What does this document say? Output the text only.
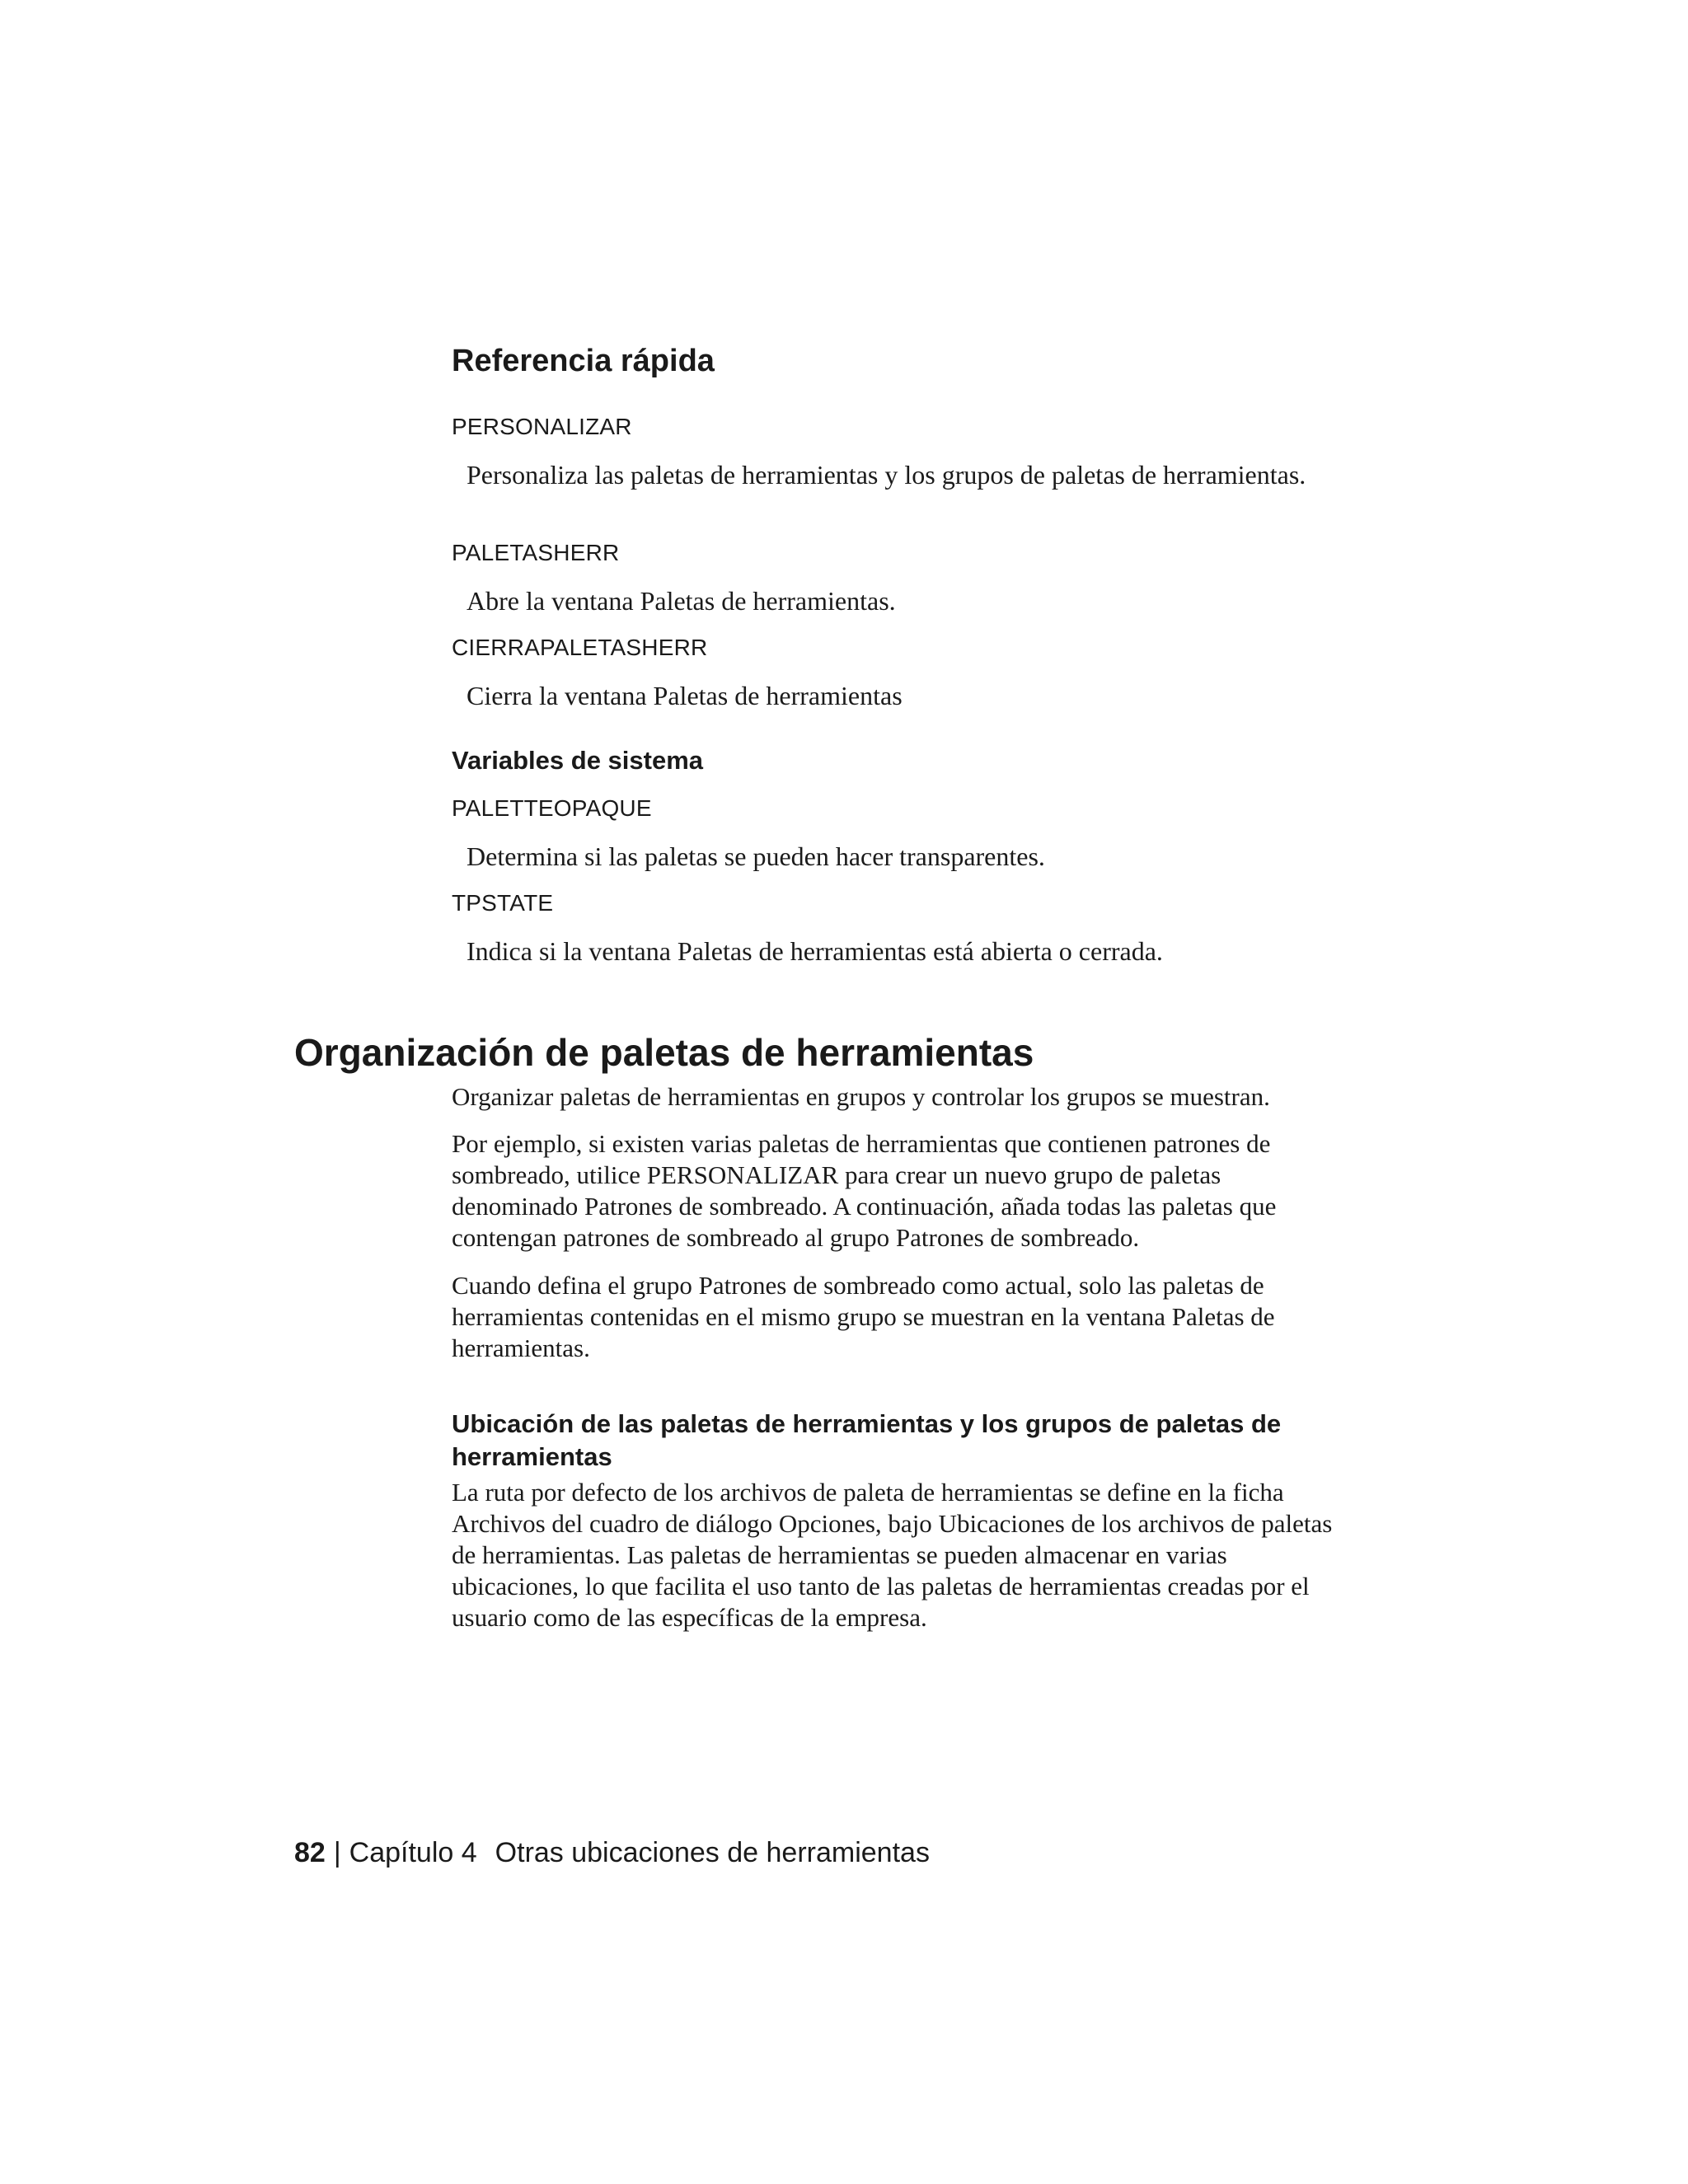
Referencia rápida
PERSONALIZAR

Personaliza las paletas de herramientas y los grupos de paletas de herramientas.

PALETASHERR

Abre la ventana Paletas de herramientas.

CIERRAPALETASHERR

Cierra la ventana Paletas de herramientas

Variables de sistema
PALETTEOPAQUE

Determina si las paletas se pueden hacer transparentes.

TPSTATE

Indica si la ventana Paletas de herramientas está abierta o cerrada.

Organización de paletas de herramientas

Organizar paletas de herramientas en grupos y controlar los grupos se muestran.

Por ejemplo, si existen varias paletas de herramientas que contienen patrones de sombreado, utilice PERSONALIZAR para crear un nuevo grupo de paletas denominado Patrones de sombreado. A continuación, añada todas las paletas que contengan patrones de sombreado al grupo Patrones de sombreado.

Cuando defina el grupo Patrones de sombreado como actual, solo las paletas de herramientas contenidas en el mismo grupo se muestran en la ventana Paletas de herramientas.

Ubicación de las paletas de herramientas y los grupos de paletas de herramientas

La ruta por defecto de los archivos de paleta de herramientas se define en la ficha Archivos del cuadro de diálogo Opciones, bajo Ubicaciones de los archivos de paletas de herramientas. Las paletas de herramientas se pueden almacenar en varias ubicaciones, lo que facilita el uso tanto de las paletas de herramientas creadas por el usuario como de las específicas de la empresa.

82 | Capítulo 4 Otras ubicaciones de herramientas
